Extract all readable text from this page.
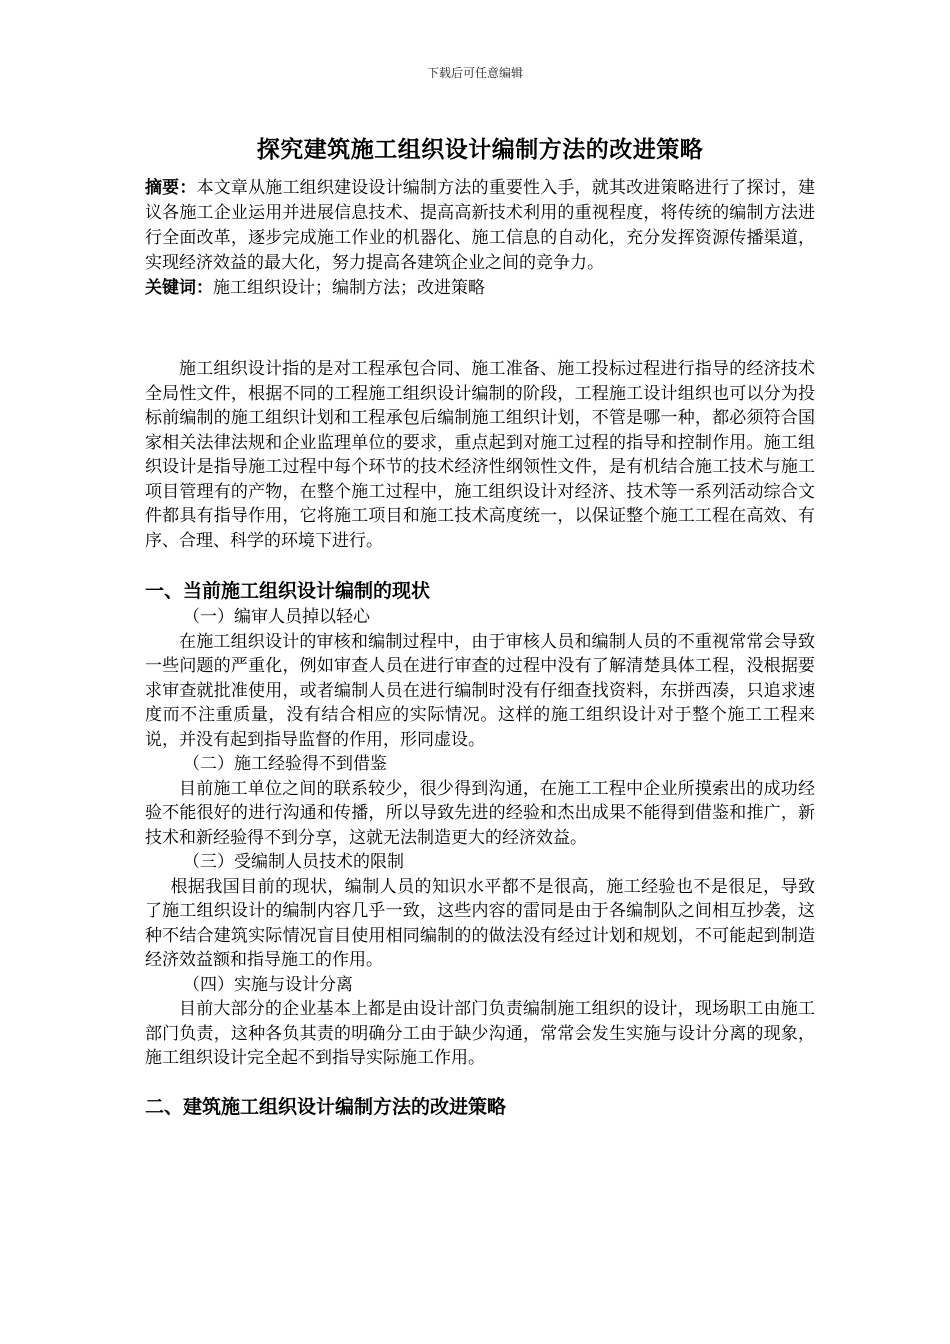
下载后可任意编辑
探究建筑施工组织设计编制方法的改进策略

摘要：本文章从施工组织建设设计编制方法的重要性入手，就其改进策略进行了探讨，建议各施工企业运用并进展信息技术、提高高新技术利用的重视程度，将传统的编制方法进行全面改革，逐步完成施工作业的机器化、施工信息的自动化，充分发挥资源传播渠道，实现经济效益的最大化，努力提高各建筑企业之间的竞争力。

关键词：施工组织设计；编制方法；改进策略

施工组织设计指的是对工程承包合同、施工准备、施工投标过程进行指导的经济技术全局性文件，根据不同的工程施工组织设计编制的阶段，工程施工设计组织也可以分为投标前编制的施工组织计划和工程承包后编制施工组织计划，不管是哪一种，都必须符合国家相关法律法规和企业监理单位的要求，重点起到对施工过程的指导和控制作用。施工组织设计是指导施工过程中每个环节的技术经济性纲领性文件，是有机结合施工技术与施工项目管理有的产物，在整个施工过程中，施工组织设计对经济、技术等一系列活动综合文件都具有指导作用，它将施工项目和施工技术高度统一，以保证整个施工工程在高效、有序、合理、科学的环境下进行。

一、当前施工组织设计编制的现状

（一）编审人员掉以轻心

在施工组织设计的审核和编制过程中，由于审核人员和编制人员的不重视常常会导致一些问题的严重化，例如审查人员在进行审查的过程中没有了解清楚具体工程，没根据要求审查就批准使用，或者编制人员在进行编制时没有仔细查找资料，东拼西凑，只追求速度而不注重质量，没有结合相应的实际情况。这样的施工组织设计对于整个施工工程来说，并没有起到指导监督的作用，形同虚设。

（二）施工经验得不到借鉴

目前施工单位之间的联系较少，很少得到沟通，在施工工程中企业所摸索出的成功经验不能很好的进行沟通和传播，所以导致先进的经验和杰出成果不能得到借鉴和推广，新技术和新经验得不到分享，这就无法制造更大的经济效益。

（三）受编制人员技术的限制

根据我国目前的现状，编制人员的知识水平都不是很高，施工经验也不是很足，导致了施工组织设计的编制内容几乎一致，这些内容的雷同是由于各编制队之间相互抄袭，这种不结合建筑实际情况盲目使用相同编制的的做法没有经过计划和规划，不可能起到制造经济效益额和指导施工的作用。

（四）实施与设计分离

目前大部分的企业基本上都是由设计部门负责编制施工组织的设计，现场职工由施工部门负责，这种各负其责的明确分工由于缺少沟通，常常会发生实施与设计分离的现象，施工组织设计完全起不到指导实际施工作用。

二、建筑施工组织设计编制方法的改进策略
